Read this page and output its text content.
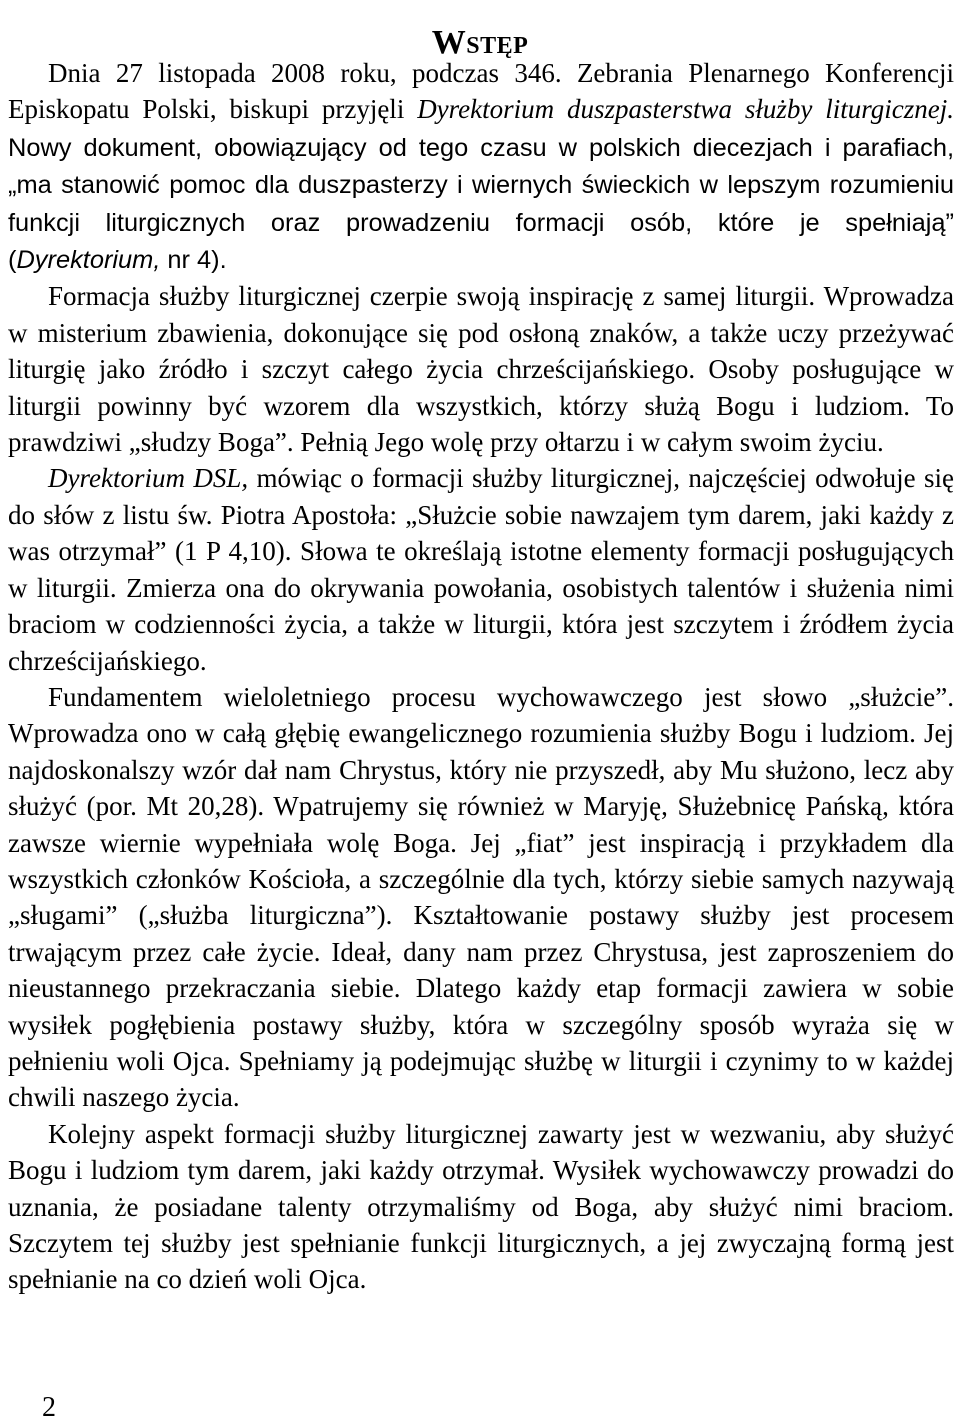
Wstęp

Dnia 27 listopada 2008 roku, podczas 346. Zebrania Plenarnego Konferencji Episkopatu Polski, biskupi przyjęli Dyrektorium duszpasterstwa służby liturgicznej. Nowy dokument, obowiązujący od tego czasu w polskich diecezjach i parafiach, „ma stanowić pomoc dla duszpasterzy i wiernych świeckich w lepszym rozumieniu funkcji liturgicznych oraz prowadzeniu formacji osób, które je spełniają” (Dyrektorium, nr 4).

Formacja służby liturgicznej czerpie swoją inspirację z samej liturgii. Wprowadza w misterium zbawienia, dokonujące się pod osłoną znaków, a także uczy przeżywać liturgię jako źródło i szczyt całego życia chrześcijańskiego. Osoby posługujące w liturgii powinny być wzorem dla wszystkich, którzy służą Bogu i ludziom. To prawdziwi „słudzy Boga”. Pełnią Jego wolę przy ołtarzu i w całym swoim życiu.

Dyrektorium DSL, mówiąc o formacji służby liturgicznej, najczęściej odwołuje się do słów z listu św. Piotra Apostoła: „Służcie sobie nawzajem tym darem, jaki każdy z was otrzymał” (1 P 4,10). Słowa te określają istotne elementy formacji posługujących w liturgii. Zmierza ona do okrywania powołania, osobistych talentów i służenia nimi braciom w codzienności życia, a także w liturgii, która jest szczytem i źródłem życia chrześcijańskiego.

Fundamentem wieloletniego procesu wychowawczego jest słowo „służcie”. Wprowadza ono w całą głębię ewangelicznego rozumienia służby Bogu i ludziom. Jej najdoskonalszy wzór dał nam Chrystus, który nie przyszedł, aby Mu służono, lecz aby służyć (por. Mt 20,28). Wpatrujemy się również w Maryję, Służebnicę Pańską, która zawsze wiernie wypełniała wolę Boga. Jej „fiat” jest inspiracją i przykładem dla wszystkich członków Kościoła, a szczególnie dla tych, którzy siebie samych nazywają „sługami” („służba liturgiczna”). Kształtowanie postawy służby jest procesem trwającym przez całe życie. Ideał, dany nam przez Chrystusa, jest zaproszeniem do nieustannego przekraczania siebie. Dlatego każdy etap formacji zawiera w sobie wysiłek pogłębienia postawy służby, która w szczególny sposób wyraża się w pełnieniu woli Ojca. Spełniamy ją podejmując służbę w liturgii i czynimy to w każdej chwili naszego życia.

Kolejny aspekt formacji służby liturgicznej zawarty jest w wezwaniu, aby służyć Bogu i ludziom tym darem, jaki każdy otrzymał. Wysiłek wychowawczy prowadzi do uznania, że posiadane talenty otrzymaliśmy od Boga, aby służyć nimi braciom. Szczytem tej służby jest spełnianie funkcji liturgicznych, a jej zwyczajną formą jest spełnianie na co dzień woli Ojca.

2
